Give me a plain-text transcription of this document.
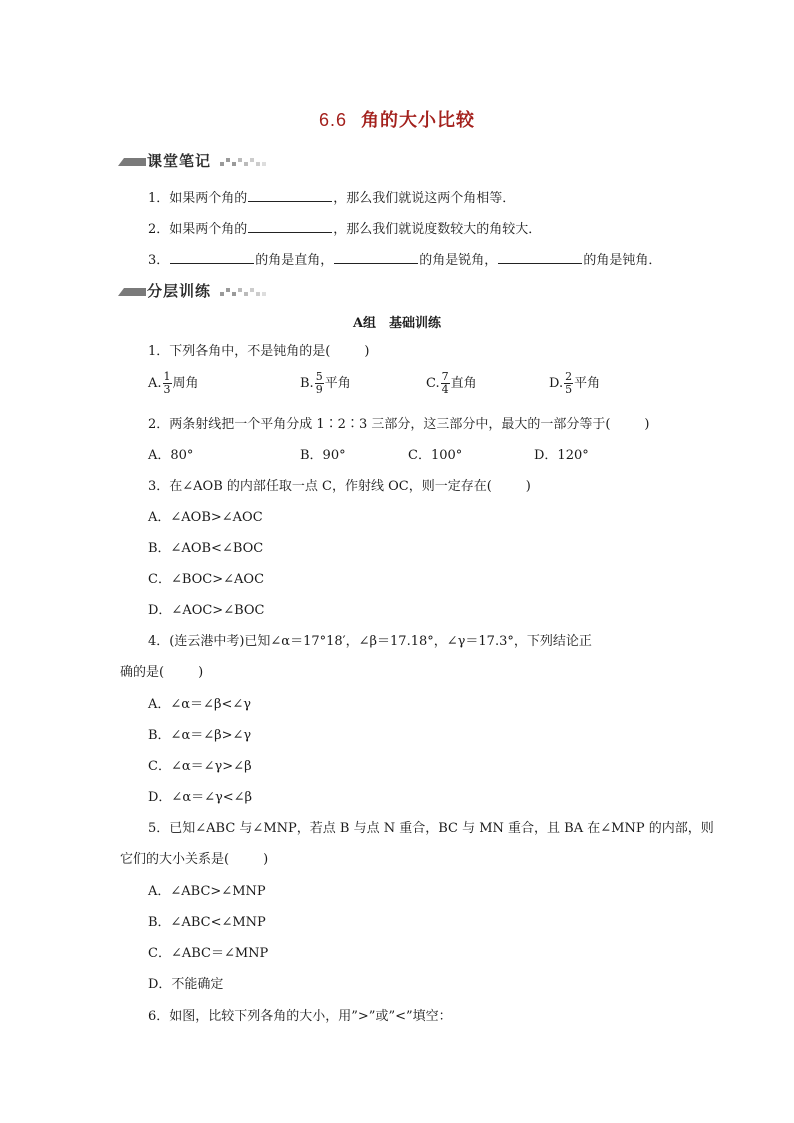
6.6 角的大小比较
课堂笔记
1．如果两个角的	，那么我们就说这两个角相等．
2．如果两个角的	，那么我们就说度数较大的角较大．
3．	的角是直角，	的角是锐角，	的角是钝角．
分层训练
A组　基础训练
1．下列各角中，不是钝角的是(	)
A. $\frac{1}{3}$ 周角	B. $\frac{5}{9}$ 平角	C. $\frac{7}{4}$ 直角	D. $\frac{2}{5}$ 平角
2．两条射线把一个平角分成 1∶2∶3 三部分，这三部分中，最大的一部分等于(	)
A．80°	B．90°	C．100°	D．120°
3．在∠AOB 的内部任取一点 C，作射线 OC，则一定存在(	)
A．∠AOB>∠AOC
B．∠AOB<∠BOC
C．∠BOC>∠AOC
D．∠AOC>∠BOC
4．(连云港中考)已知∠α＝17°18′，∠β＝17.18°，∠γ＝17.3°，下列结论正
确的是(	)
A．∠α＝∠β<∠γ
B．∠α＝∠β>∠γ
C．∠α＝∠γ>∠β
D．∠α＝∠γ<∠β
5．已知∠ABC 与∠MNP，若点 B 与点 N 重合，BC 与 MN 重合，且 BA 在∠MNP 的内部，则
它们的大小关系是(	)
A．∠ABC>∠MNP
B．∠ABC<∠MNP
C．∠ABC＝∠MNP
D．不能确定
6．如图，比较下列各角的大小，用”>”或”<”填空：
